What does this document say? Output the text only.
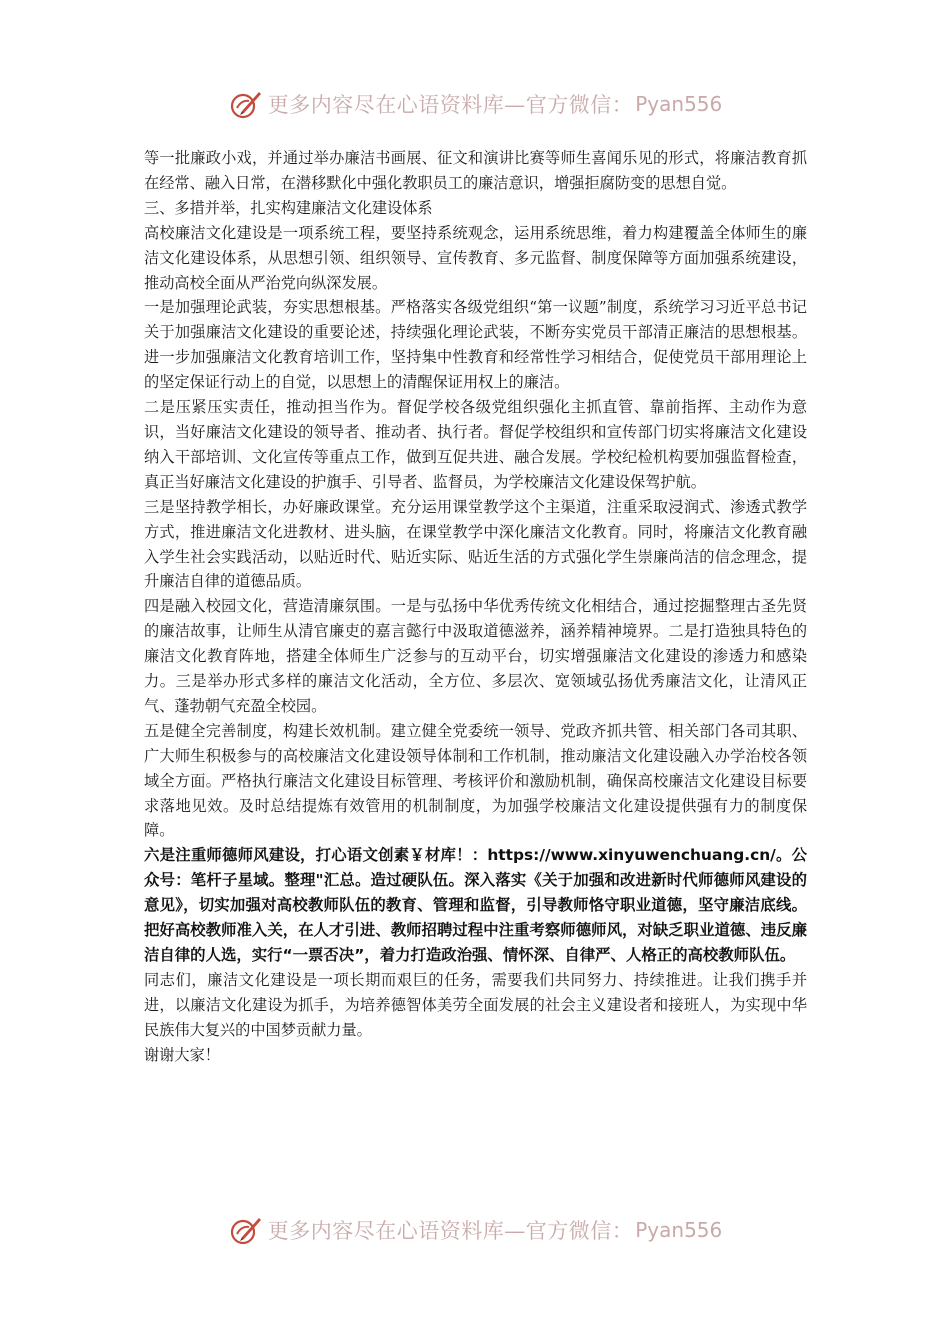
更多内容尽在心语资料库—官方微信： Pyan556

等一批廉政小戏，并通过举办廉洁书画展、征文和演讲比赛等师生喜闻乐见的形式，将廉洁教育抓在经常、融入日常，在潜移默化中强化教职员工的廉洁意识，增强拒腐防变的思想自觉。

三、多措并举，扎实构建廉洁文化建设体系

高校廉洁文化建设是一项系统工程，要坚持系统观念，运用系统思维，着力构建覆盖全体师生的廉洁文化建设体系，从思想引领、组织领导、宣传教育、多元监督、制度保障等方面加强系统建设，推动高校全面从严治党向纵深发展。

一是加强理论武装，夯实思想根基。严格落实各级党组织“第一议题”制度，系统学习习近平总书记关于加强廉洁文化建设的重要论述，持续强化理论武装，不断夯实党员干部清正廉洁的思想根基。进一步加强廉洁文化教育培训工作，坚持集中性教育和经常性学习相结合，促使党员干部用理论上的坚定保证行动上的自觉，以思想上的清醒保证用权上的廉洁。

二是压紧压实责任，推动担当作为。督促学校各级党组织强化主抓直管、靠前指挥、主动作为意识，当好廉洁文化建设的领导者、推动者、执行者。督促学校组织和宣传部门切实将廉洁文化建设纳入干部培训、文化宣传等重点工作，做到互促共进、融合发展。学校纪检机构要加强监督检查，真正当好廉洁文化建设的护旗手、引导者、监督员，为学校廉洁文化建设保驾护航。

三是坚持教学相长，办好廉政课堂。充分运用课堂教学这个主渠道，注重采取浸润式、渗透式教学方式，推进廉洁文化进教材、进头脑，在课堂教学中深化廉洁文化教育。同时，将廉洁文化教育融入学生社会实践活动，以贴近时代、贴近实际、贴近生活的方式强化学生崇廉尚洁的信念理念，提升廉洁自律的道德品质。

四是融入校园文化，营造清廉氛围。一是与弘扬中华优秀传统文化相结合，通过挖掘整理古圣先贤的廉洁故事，让师生从清官廉吏的嘉言懿行中汲取道德滋养，涵养精神境界。二是打造独具特色的廉洁文化教育阵地，搭建全体师生广泛参与的互动平台，切实增强廉洁文化建设的渗透力和感染力。三是举办形式多样的廉洁文化活动，全方位、多层次、宽领域弘扬优秀廉洁文化，让清风正气、蓬勃朝气充盈全校园。

五是健全完善制度，构建长效机制。建立健全党委统一领导、党政齐抓共管、相关部门各司其职、广大师生积极参与的高校廉洁文化建设领导体制和工作机制，推动廉洁文化建设融入办学治校各领域全方面。严格执行廉洁文化建设目标管理、考核评价和激励机制，确保高校廉洁文化建设目标要求落地见效。及时总结提炼有效管用的机制制度，为加强学校廉洁文化建设提供强有力的制度保障。

六是注重师德师风建设，打心语文创素￥材库！：https://www.xinyuwenchuang.cn/。公众号：笔杆子星域。整理"汇总。造过硬队伍。深入落实《关于加强和改进新时代师德师风建设的意见》，切实加强对高校教师队伍的教育、管理和监督，引导教师恪守职业道德，坚守廉洁底线。把好高校教师准入关，在人才引进、教师招聘过程中注重考察师德师风，对缺乏职业道德、违反廉洁自律的人选，实行“一票否决”，着力打造政治强、情怀深、自律严、人格正的高校教师队伍。

同志们，廉洁文化建设是一项长期而艰巨的任务，需要我们共同努力、持续推进。让我们携手并进，以廉洁文化建设为抓手，为培养德智体美劳全面发展的社会主义建设者和接班人，为实现中华民族伟大复兴的中国梦贡献力量。

谢谢大家！

更多内容尽在心语资料库—官方微信： Pyan556
